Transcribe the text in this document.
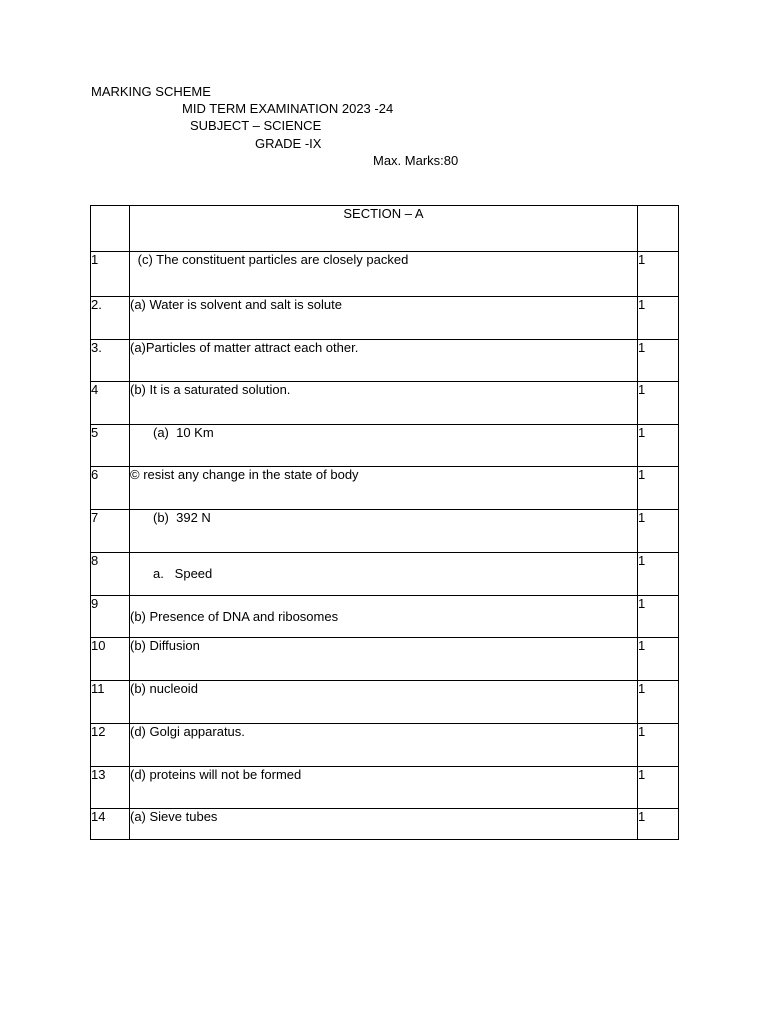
MARKING SCHEME
MID TERM EXAMINATION 2023 -24
SUBJECT – SCIENCE
GRADE -IX
Max. Marks:80
	SECTION – A	
1	(c) The constituent particles are closely packed	1
2.	(a) Water is solvent and salt is solute	1
3.	(a)Particles of matter attract each other.	1
4	(b) It is a saturated solution.	1
5	(a)  10 Km	1
6	© resist any change in the state of body	1
7	(b)  392 N	1
8	a.   Speed	1
9	(b) Presence of DNA and ribosomes	1
10	(b) Diffusion	1
11	(b) nucleoid	1
12	(d) Golgi apparatus.	1
13	(d) proteins will not be formed	1
14	(a) Sieve tubes	1
